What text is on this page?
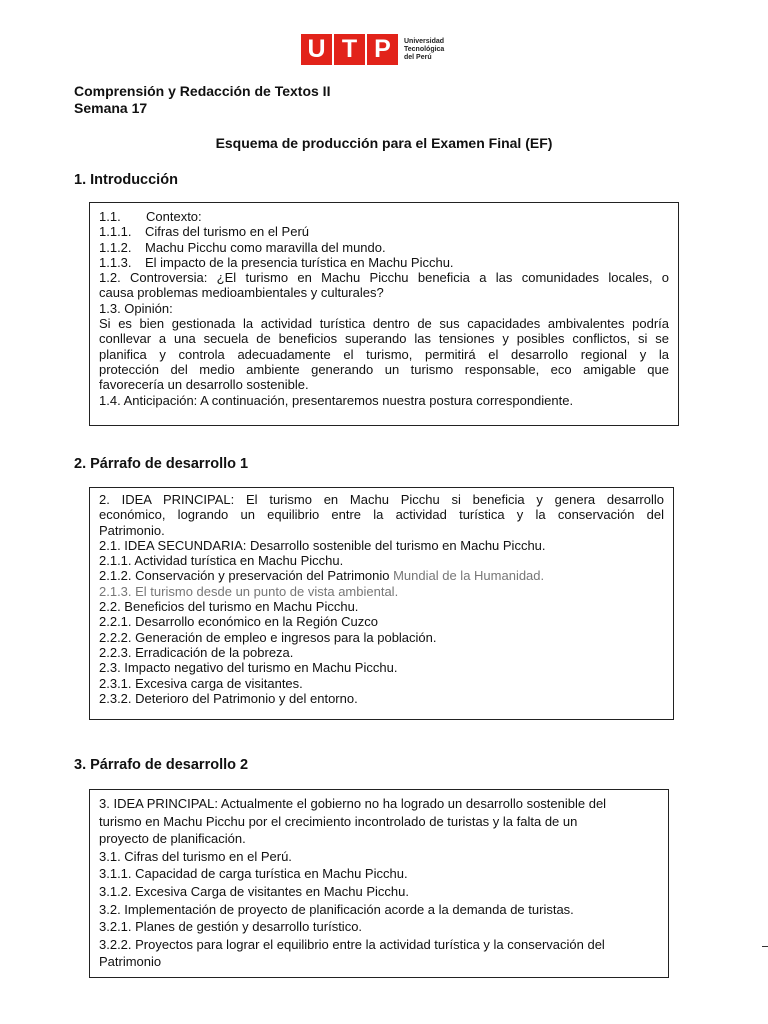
U T P	Universidad
Tecnológica
del Perú
Comprensión y Redacción de Textos II
Semana 17
Esquema de producción para el Examen Final (EF)
1. Introducción
1.1. Contexto:
1.1.1. Cifras del turismo en el Perú
1.1.2. Machu Picchu como maravilla del mundo.
1.1.3. El impacto de la presencia turística en Machu Picchu.
1.2. Controversia: ¿El turismo en Machu Picchu beneficia a las comunidades locales, o
causa problemas medioambientales y culturales?
1.3. Opinión:
Si es bien gestionada la actividad turística dentro de sus capacidades ambivalentes podría
conllevar a una secuela de beneficios superando las tensiones y posibles conflictos, si se
planifica y controla adecuadamente el turismo, permitirá el desarrollo regional y la
protección del medio ambiente generando un turismo responsable, eco amigable que
favorecería un desarrollo sostenible.
1.4. Anticipación: A continuación, presentaremos nuestra postura correspondiente.
2. Párrafo de desarrollo 1
2. IDEA PRINCIPAL: El turismo en Machu Picchu si beneficia y genera desarrollo
económico, logrando un equilibrio entre la actividad turística y la conservación del
Patrimonio.
2.1. IDEA SECUNDARIA: Desarrollo sostenible del turismo en Machu Picchu.
2.1.1. Actividad turística en Machu Picchu.
2.1.2. Conservación y preservación del Patrimonio Mundial de la Humanidad.
2.1.3. El turismo desde un punto de vista ambiental.
2.2. Beneficios del turismo en Machu Picchu.
2.2.1. Desarrollo económico en la Región Cuzco
2.2.2. Generación de empleo e ingresos para la población.
2.2.3. Erradicación de la pobreza.
2.3. Impacto negativo del turismo en Machu Picchu.
2.3.1. Excesiva carga de visitantes.
2.3.2. Deterioro del Patrimonio y del entorno.
3. Párrafo de desarrollo 2
3. IDEA PRINCIPAL: Actualmente el gobierno no ha logrado un desarrollo sostenible del
turismo en Machu Picchu por el crecimiento incontrolado de turistas y la falta de un
proyecto de planificación.
3.1. Cifras del turismo en el Perú.
3.1.1. Capacidad de carga turística en Machu Picchu.
3.1.2. Excesiva Carga de visitantes en Machu Picchu.
3.2. Implementación de proyecto de planificación acorde a la demanda de turistas.
3.2.1. Planes de gestión y desarrollo turístico.
3.2.2. Proyectos para lograr el equilibrio entre la actividad turística y la conservación del
Patrimonio
